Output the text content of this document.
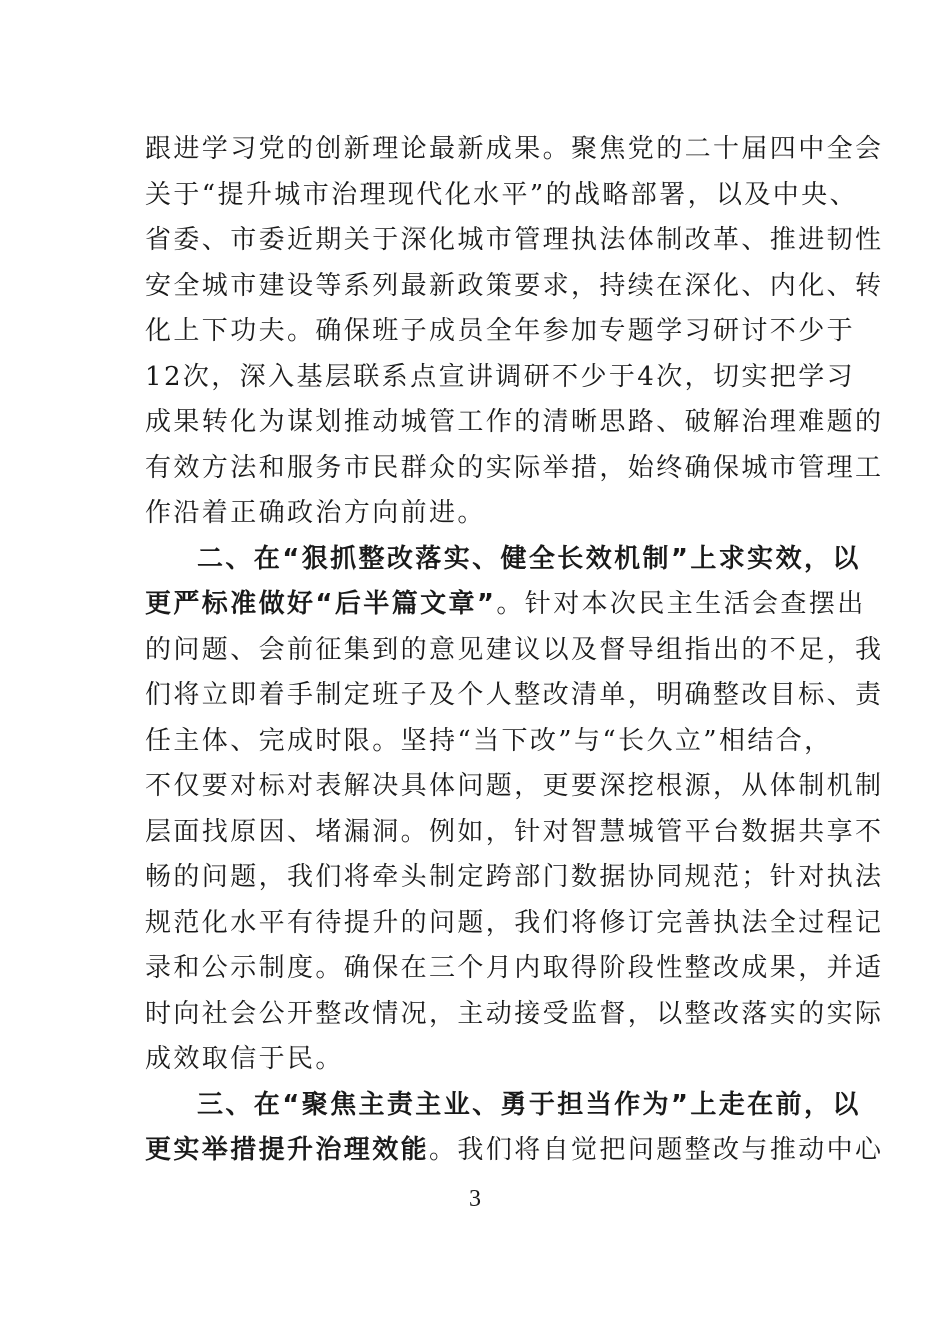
跟进学习党的创新理论最新成果。聚焦党的二十届四中全会
关于“提升城市治理现代化水平”的战略部署，以及中央、
省委、市委近期关于深化城市管理执法体制改革、推进韧性
安全城市建设等系列最新政策要求，持续在深化、内化、转
化上下功夫。确保班子成员全年参加专题学习研讨不少于
12次，深入基层联系点宣讲调研不少于4次，切实把学习
成果转化为谋划推动城管工作的清晰思路、破解治理难题的
有效方法和服务市民群众的实际举措，始终确保城市管理工
作沿着正确政治方向前进。
二、在“狠抓整改落实、健全长效机制”上求实效，以
更严标准做好“后半篇文章”。针对本次民主生活会查摆出
的问题、会前征集到的意见建议以及督导组指出的不足，我
们将立即着手制定班子及个人整改清单，明确整改目标、责
任主体、完成时限。坚持“当下改”与“长久立”相结合，
不仅要对标对表解决具体问题，更要深挖根源，从体制机制
层面找原因、堵漏洞。例如，针对智慧城管平台数据共享不
畅的问题，我们将牵头制定跨部门数据协同规范；针对执法
规范化水平有待提升的问题，我们将修订完善执法全过程记
录和公示制度。确保在三个月内取得阶段性整改成果，并适
时向社会公开整改情况，主动接受监督，以整改落实的实际
成效取信于民。
三、在“聚焦主责主业、勇于担当作为”上走在前，以
更实举措提升治理效能。我们将自觉把问题整改与推动中心
3
